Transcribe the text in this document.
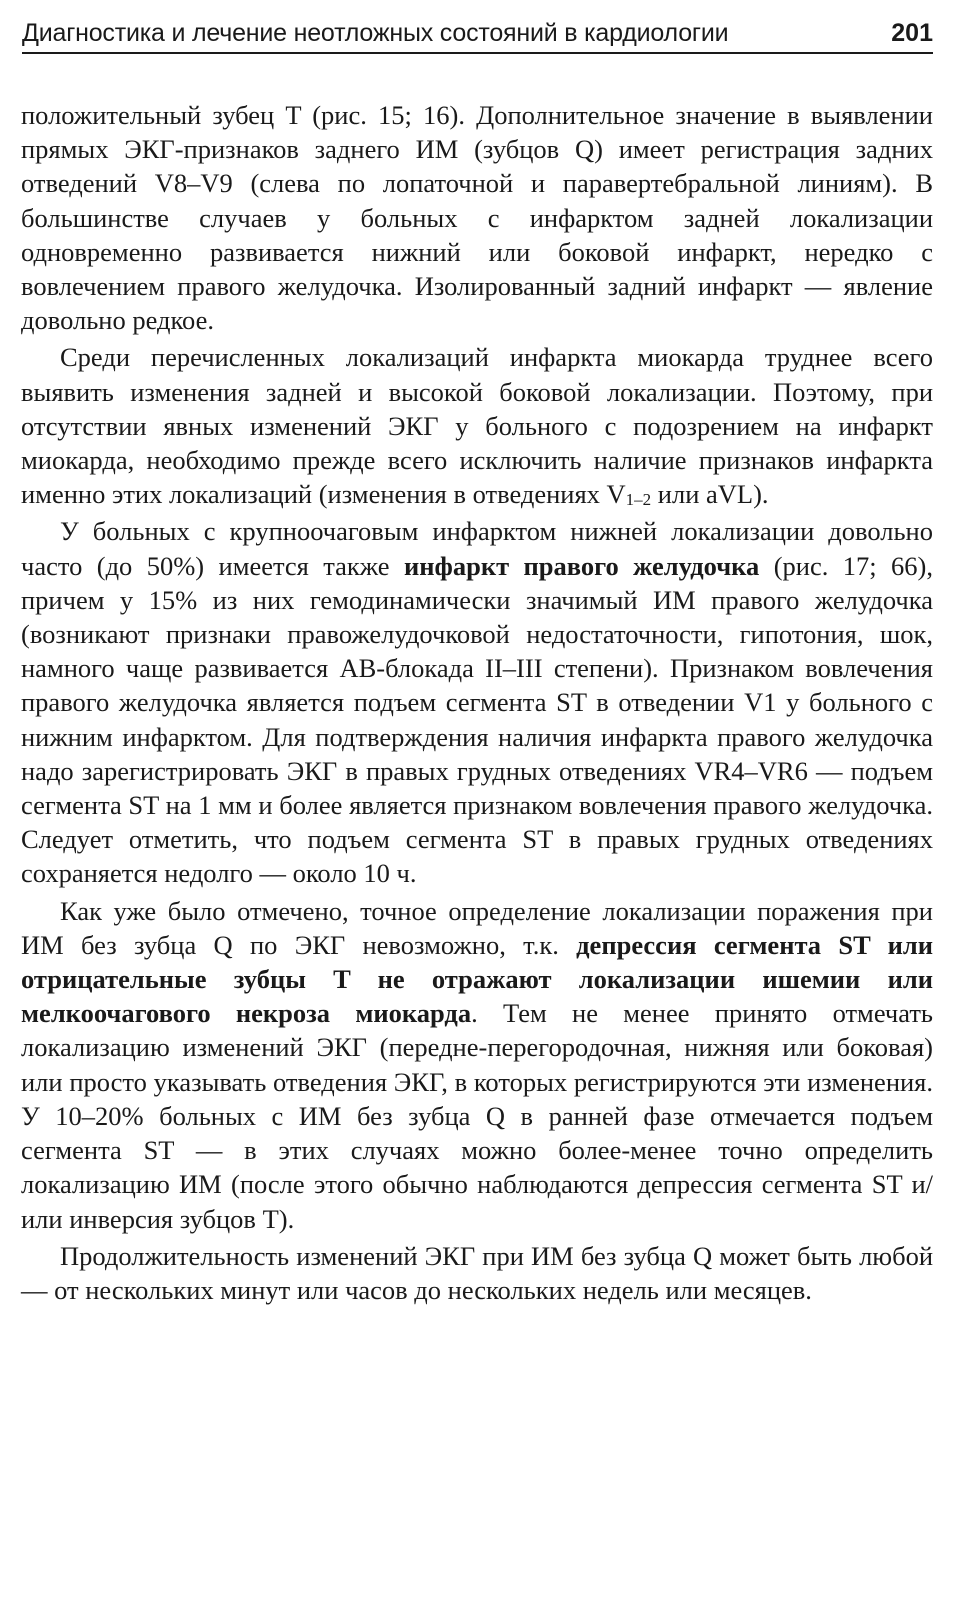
Диагностика и лечение неотложных состояний в кардиологии	201

положительный зубец T (рис. 15; 16). Дополнительное значение в выявлении прямых ЭКГ-признаков заднего ИМ (зубцов Q) имеет регистрация задних отведений V8–V9 (слева по лопаточной и паравертебральной линиям). В большинстве случаев у больных с инфарктом задней локализации одновременно развивается нижний или боковой инфаркт, нередко с вовлечением правого желудочка. Изолированный задний инфаркт — явление довольно редкое.

Среди перечисленных локализаций инфаркта миокарда труднее всего выявить изменения задней и высокой боковой локализации. Поэтому, при отсутствии явных изменений ЭКГ у больного с подозрением на инфаркт миокарда, необходимо прежде всего исключить наличие признаков инфаркта именно этих локализаций (изменения в отведениях V1–2 или aVL).

У больных с крупноочаговым инфарктом нижней локализации довольно часто (до 50%) имеется также инфаркт правого желудочка (рис. 17; 66), причем у 15% из них гемодинамически значимый ИМ правого желудочка (возникают признаки правожелудочковой недостаточности, гипотония, шок, намного чаще развивается АВ-блокада II–III степени). Признаком вовлечения правого желудочка является подъем сегмента ST в отведении V1 у больного с нижним инфарктом. Для подтверждения наличия инфаркта правого желудочка надо зарегистрировать ЭКГ в правых грудных отведениях VR4–VR6 — подъем сегмента ST на 1 мм и более является признаком вовлечения правого желудочка. Следует отметить, что подъем сегмента ST в правых грудных отведениях сохраняется недолго — около 10 ч.

Как уже было отмечено, точное определение локализации поражения при ИМ без зубца Q по ЭКГ невозможно, т.к. депрессия сегмента ST или отрицательные зубцы T не отражают локализации ишемии или мелкоочагового некроза миокарда. Тем не менее принято отмечать локализацию изменений ЭКГ (передне-перегородочная, нижняя или боковая) или просто указывать отведения ЭКГ, в которых регистрируются эти изменения. У 10–20% больных с ИМ без зубца Q в ранней фазе отмечается подъем сегмента ST — в этих случаях можно более-менее точно определить локализацию ИМ (после этого обычно наблюдаются депрессия сегмента ST и/или инверсия зубцов T).

Продолжительность изменений ЭКГ при ИМ без зубца Q может быть любой — от нескольких минут или часов до нескольких недель или месяцев.
